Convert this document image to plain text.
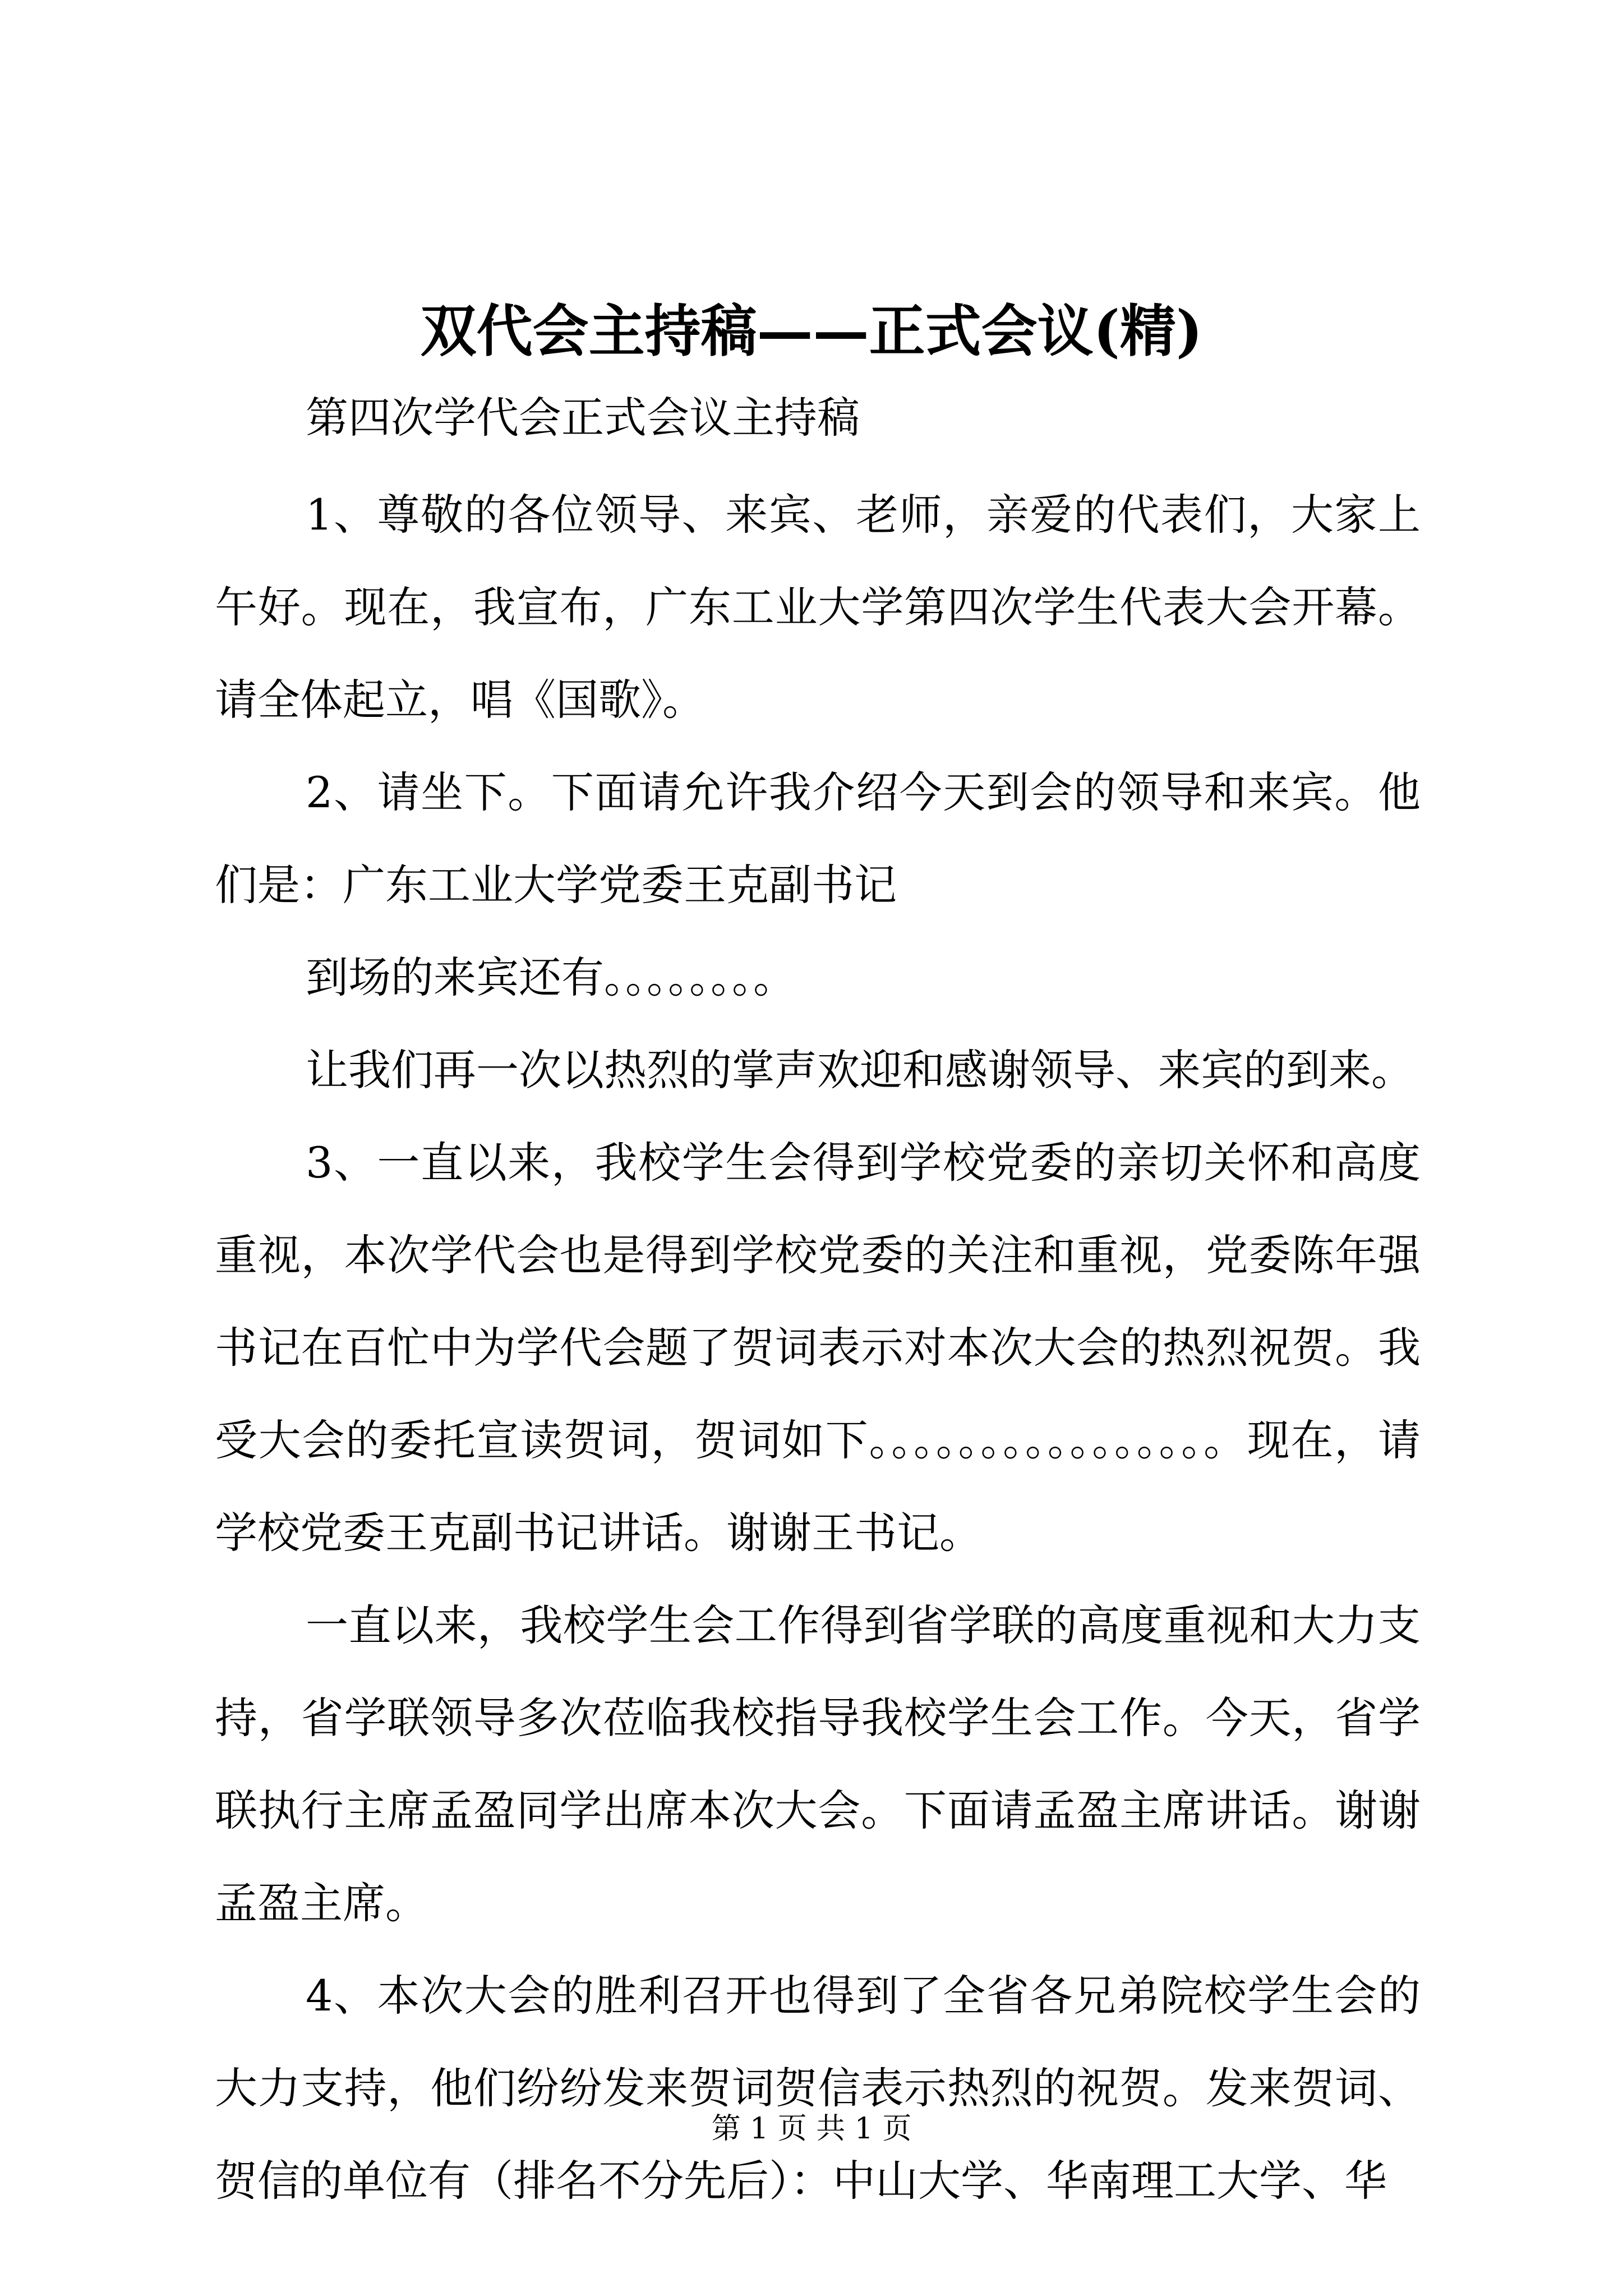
双代会主持稿——正式会议(精)
第四次学代会正式会议主持稿

1、尊敬的各位领导、来宾、老师，亲爱的代表们，大家上午好。现在，我宣布，广东工业大学第四次学生代表大会开幕。请全体起立，唱《国歌》。

2、请坐下。下面请允许我介绍今天到会的领导和来宾。他们是：广东工业大学党委王克副书记

到场的来宾还有。。。。。。。。

让我们再一次以热烈的掌声欢迎和感谢领导、来宾的到来。

3、一直以来，我校学生会得到学校党委的亲切关怀和高度重视，本次学代会也是得到学校党委的关注和重视，党委陈年强书记在百忙中为学代会题了贺词表示对本次大会的热烈祝贺。我受大会的委托宣读贺词，贺词如下。。。。。。。。。。。。。。。。现在，请学校党委王克副书记讲话。谢谢王书记。

一直以来，我校学生会工作得到省学联的高度重视和大力支持，省学联领导多次莅临我校指导我校学生会工作。今天，省学联执行主席孟盈同学出席本次大会。下面请孟盈主席讲话。谢谢孟盈主席。

4、本次大会的胜利召开也得到了全省各兄弟院校学生会的大力支持，他们纷纷发来贺词贺信表示热烈的祝贺。发来贺词、贺信的单位有（排名不分先后）：中山大学、华南理工大学、华

第 1 页 共 1 页
